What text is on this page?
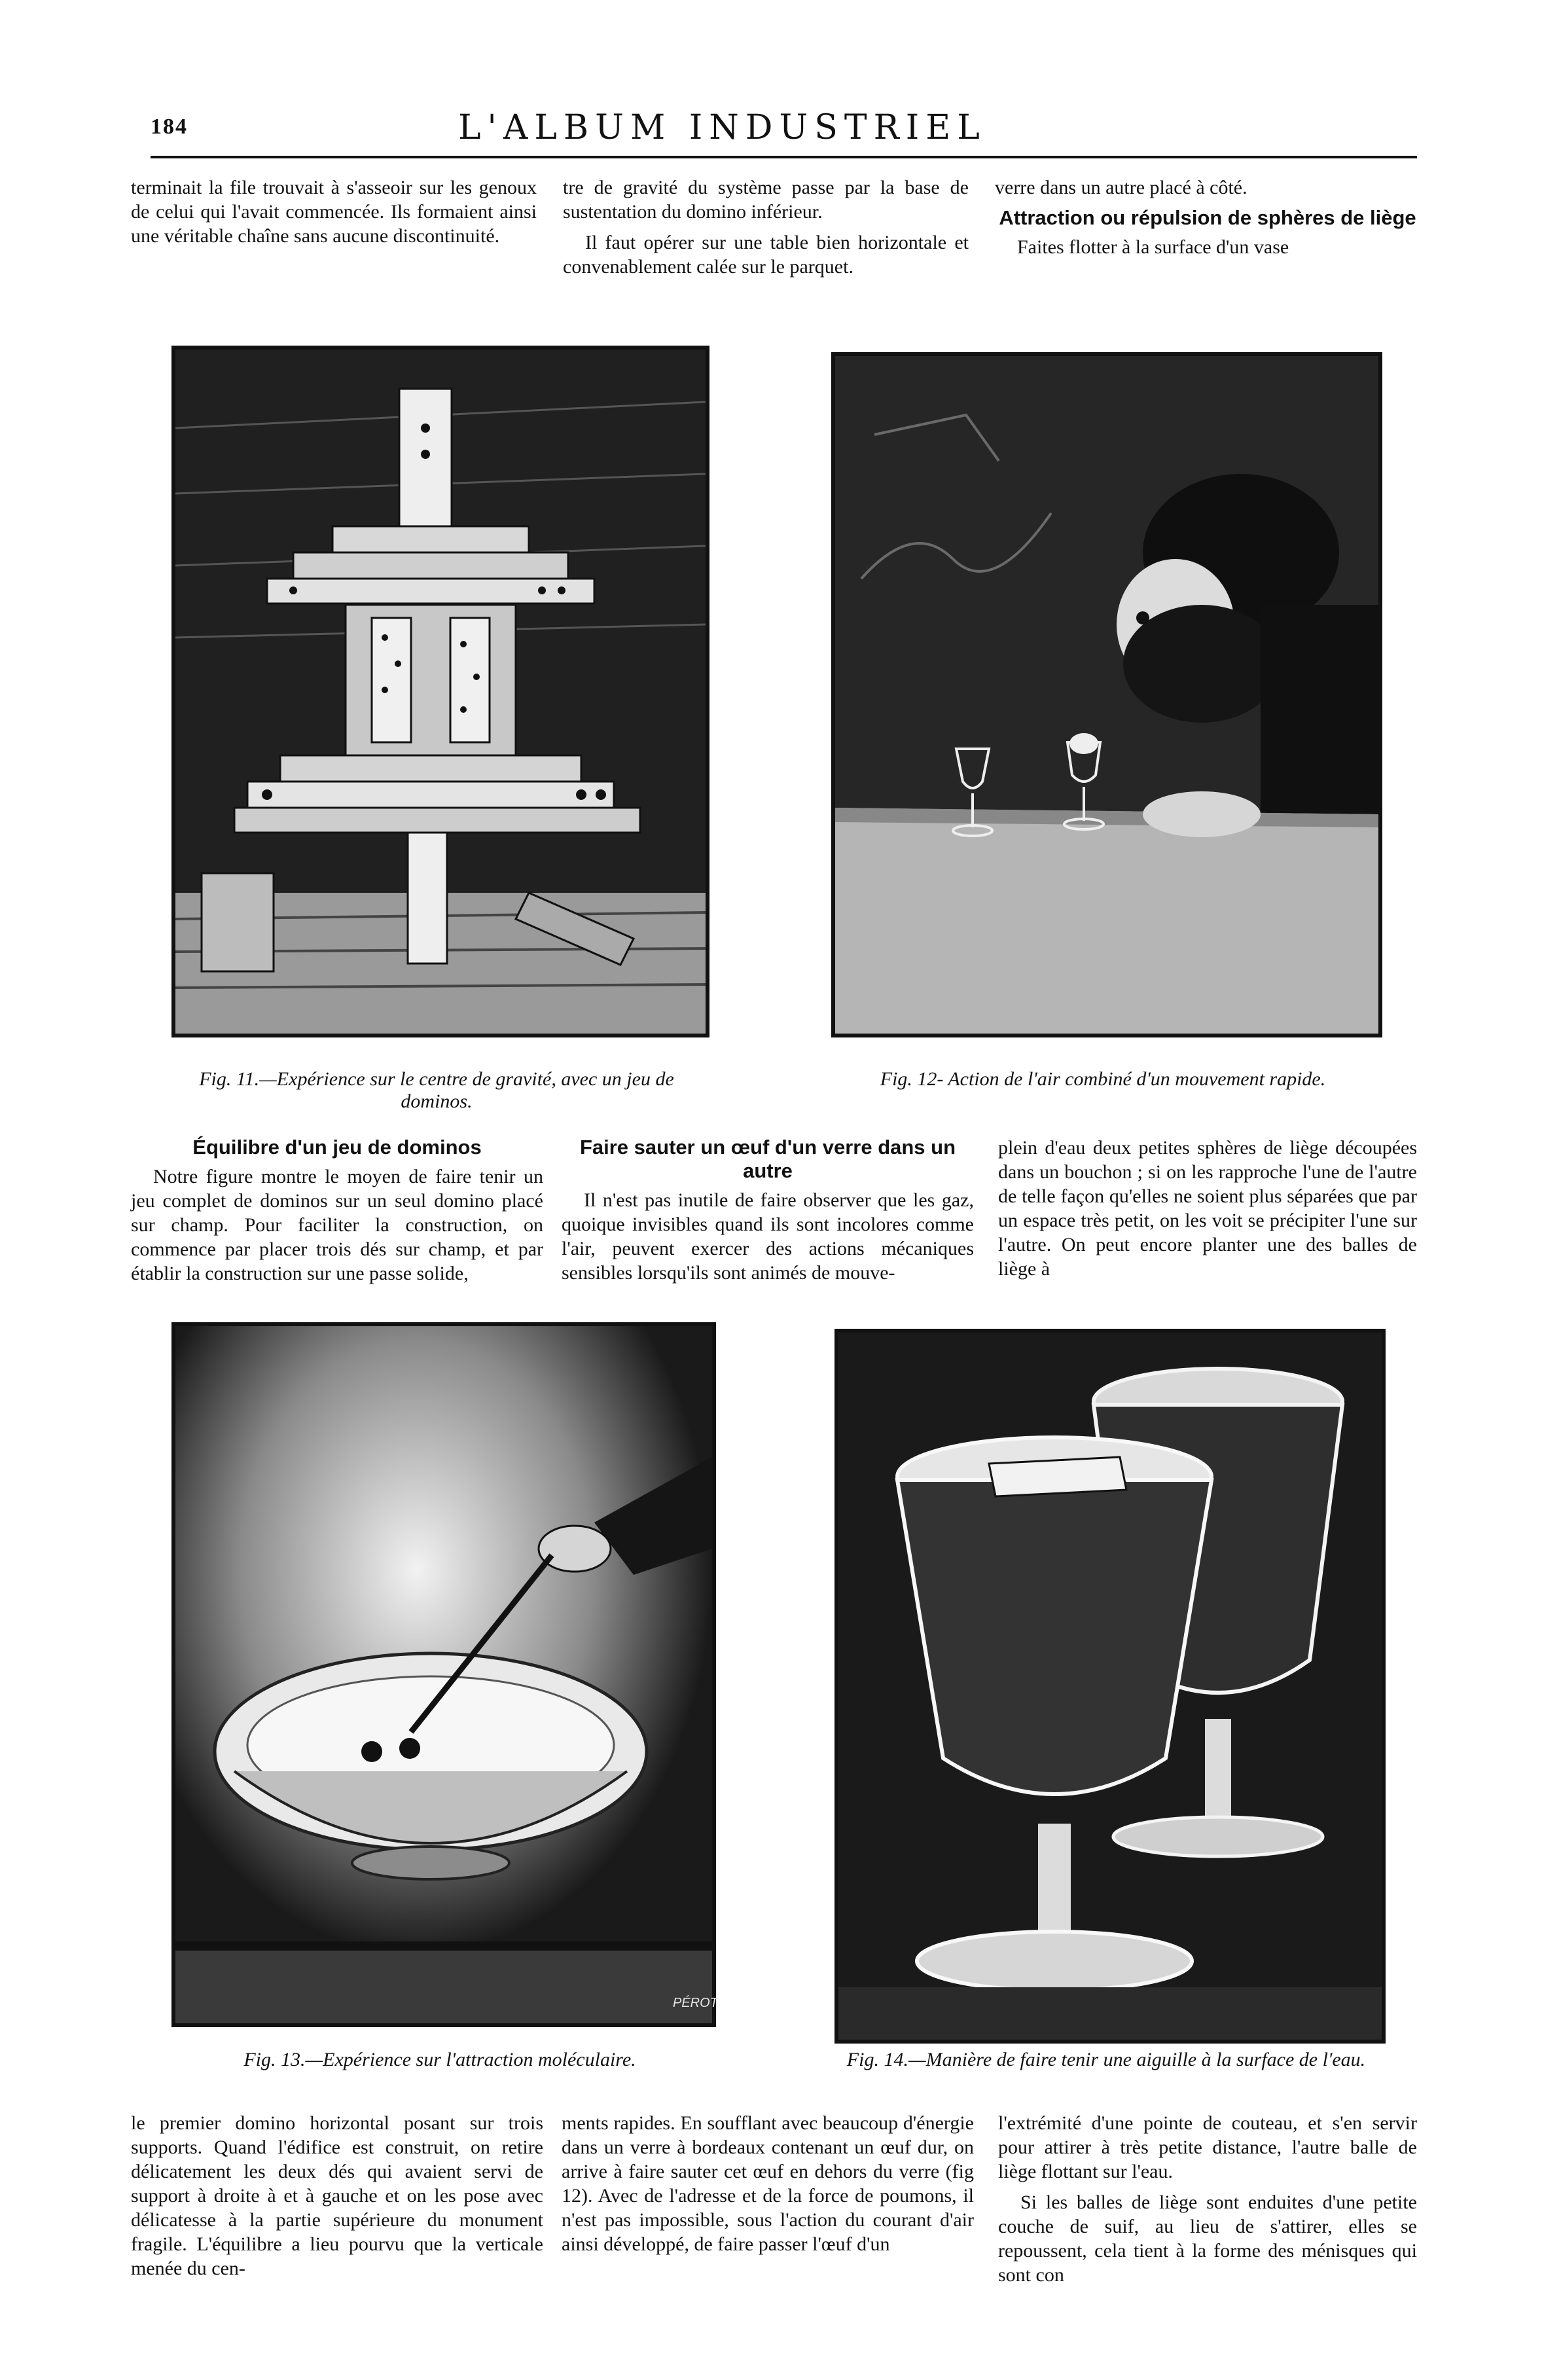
184	L'ALBUM INDUSTRIEL

terminait la file trouvait à s'asseoir sur les genoux de celui qui l'avait commencée. Ils formaient ainsi une véritable chaîne sans aucune discontinuité.

tre de gravité du système passe par la base de sustentation du domino inférieur.

Il faut opérer sur une table bien horizontale et convenablement calée sur le parquet.

verre dans un autre placé à côté.

Attraction ou répulsion de sphères de liège

Faites flotter à la surface d'un vase

Fig. 11.—Expérience sur le centre de gravité, avec un jeu de dominos.
Fig. 12- Action de l'air combiné d'un mouvement rapide.
Équilibre d'un jeu de dominos

Notre figure montre le moyen de faire tenir un jeu complet de dominos sur un seul domino placé sur champ. Pour faciliter la construction, on commence par placer trois dés sur champ, et par établir la construction sur une passe solide,

Faire sauter un œuf d'un verre dans un autre

Il n'est pas inutile de faire observer que les gaz, quoique invisibles quand ils sont incolores comme l'air, peuvent exercer des actions mécaniques sensibles lorsqu'ils sont animés de mouve-

plein d'eau deux petites sphères de liège découpées dans un bouchon ; si on les rapproche l'une de l'autre de telle façon qu'elles ne soient plus séparées que par un espace très petit, on les voit se précipiter l'une sur l'autre. On peut encore planter une des balles de liège à

PÉROT
Fig. 13.—Expérience sur l'attraction moléculaire.	Fig. 14.—Manière de faire tenir une aiguille à la surface de l'eau.

le premier domino horizontal posant sur trois supports. Quand l'édifice est construit, on retire délicatement les deux dés qui avaient servi de support à droite à et à gauche et on les pose avec délicatesse à la partie supérieure du monument fragile. L'équilibre a lieu pourvu que la verticale menée du cen-

ments rapides. En soufflant avec beaucoup d'énergie dans un verre à bordeaux contenant un œuf dur, on arrive à faire sauter cet œuf en dehors du verre (fig 12). Avec de l'adresse et de la force de poumons, il n'est pas impossible, sous l'action du courant d'air ainsi développé, de faire passer l'œuf d'un

l'extrémité d'une pointe de couteau, et s'en servir pour attirer à très petite distance, l'autre balle de liège flottant sur l'eau.

Si les balles de liège sont enduites d'une petite couche de suif, au lieu de s'attirer, elles se repoussent, cela tient à la forme des ménisques qui sont con
